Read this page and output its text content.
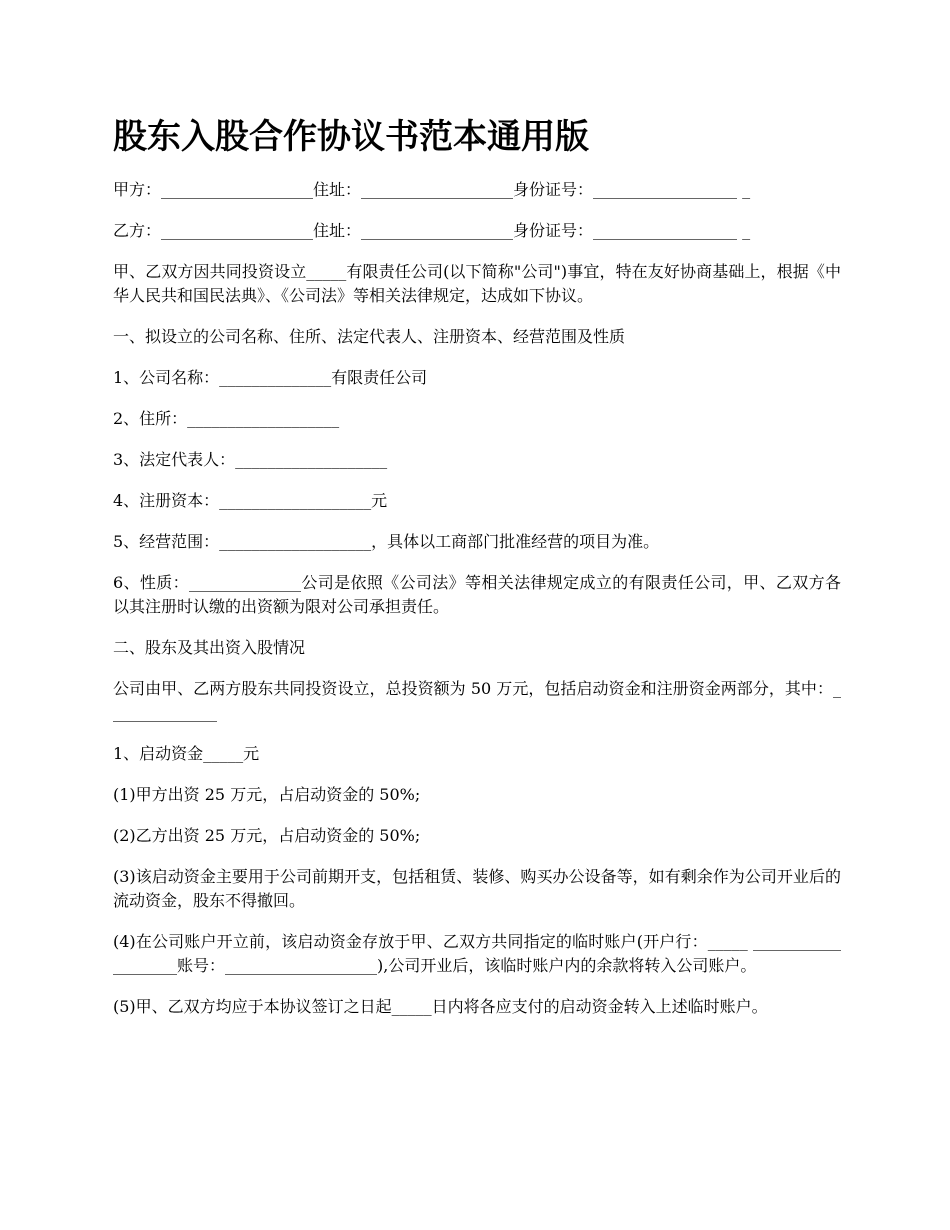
股东入股合作协议书范本通用版

甲方：___________________住址：___________________身份证号：__________________ _

乙方：___________________住址：___________________身份证号：__________________ _

甲、乙双方因共同投资设立_____有限责任公司(以下简称"公司")事宜，特在友好协商基础上，根据《中华人民共和国民法典》、《公司法》等相关法律规定，达成如下协议。

一、拟设立的公司名称、住所、法定代表人、注册资本、经营范围及性质

1、公司名称：______________有限责任公司

2、住所：___________________

3、法定代表人：___________________

4、注册资本：___________________元

5、经营范围：___________________，具体以工商部门批准经营的项目为准。

6、性质：______________公司是依照《公司法》等相关法律规定成立的有限责任公司，甲、乙双方各以其注册时认缴的出资额为限对公司承担责任。

二、股东及其出资入股情况

公司由甲、乙两方股东共同投资设立，总投资额为 50 万元，包括启动资金和注册资金两部分，其中：______________

1、启动资金_____元

(1)甲方出资 25 万元，占启动资金的 50%;

(2)乙方出资 25 万元，占启动资金的 50%;

(3)该启动资金主要用于公司前期开支，包括租赁、装修、购买办公设备等，如有剩余作为公司开业后的流动资金，股东不得撤回。

(4)在公司账户开立前，该启动资金存放于甲、乙双方共同指定的临时账户(开户行：_____ ___________________账号：___________________),公司开业后，该临时账户内的余款将转入公司账户。

(5)甲、乙双方均应于本协议签订之日起_____日内将各应支付的启动资金转入上述临时账户。
